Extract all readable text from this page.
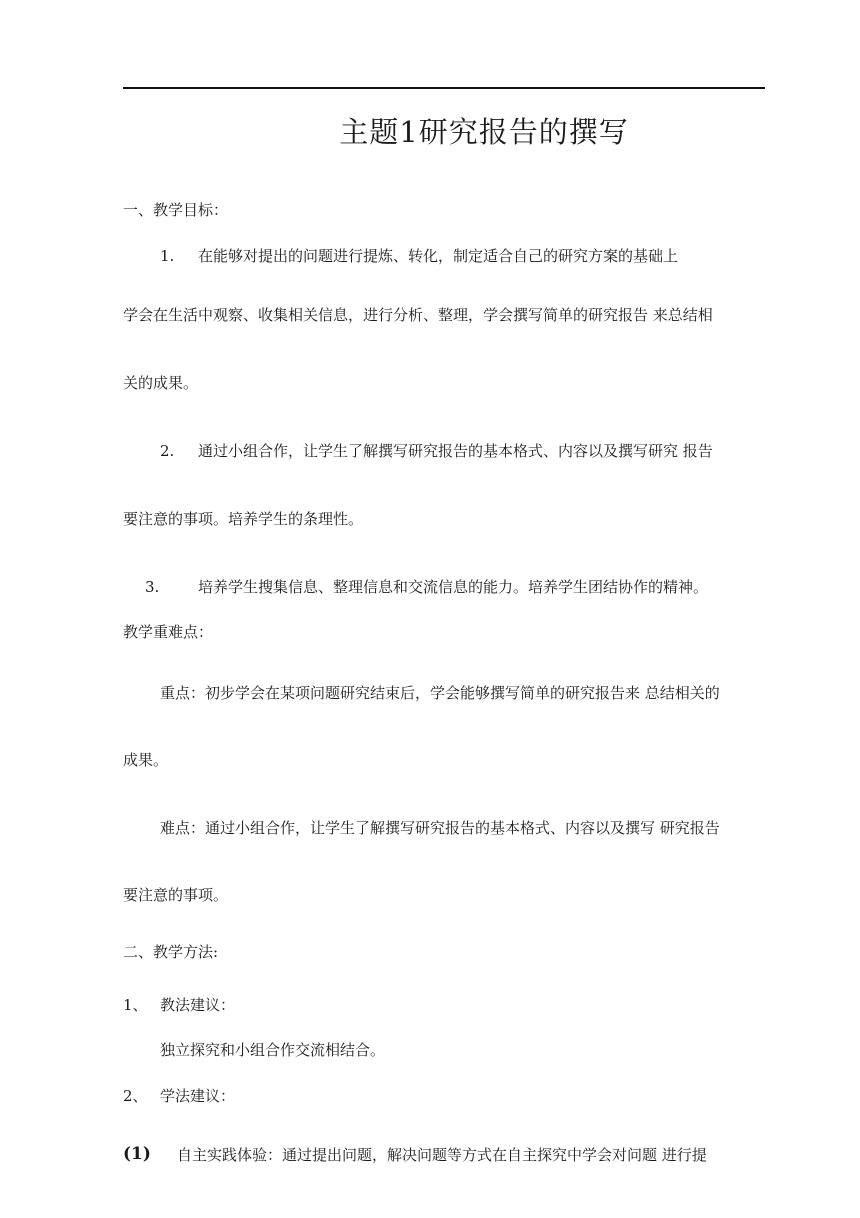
主题1研究报告的撰写
一、教学目标：
1. 在能够对提出的问题进行提炼、转化，制定适合自己的研究方案的基础上
学会在生活中观察、收集相关信息，进行分析、整理，学会撰写简单的研究报告 来总结相
关的成果。
2. 通过小组合作，让学生了解撰写研究报告的基本格式、内容以及撰写研究 报告
要注意的事项。培养学生的条理性。
3.	培养学生搜集信息、整理信息和交流信息的能力。培养学生团结协作的精神。
教学重难点：
重点：初步学会在某项问题研究结束后，学会能够撰写简单的研究报告来 总结相关的
成果。
难点：通过小组合作，让学生了解撰写研究报告的基本格式、内容以及撰写 研究报告
要注意的事项。
二、教学方法:
1、 教法建议：
独立探究和小组合作交流相结合。
2、 学法建议：
(1) 自主实践体验：通过提出问题，解决问题等方式在自主探究中学会对问题 进行提
